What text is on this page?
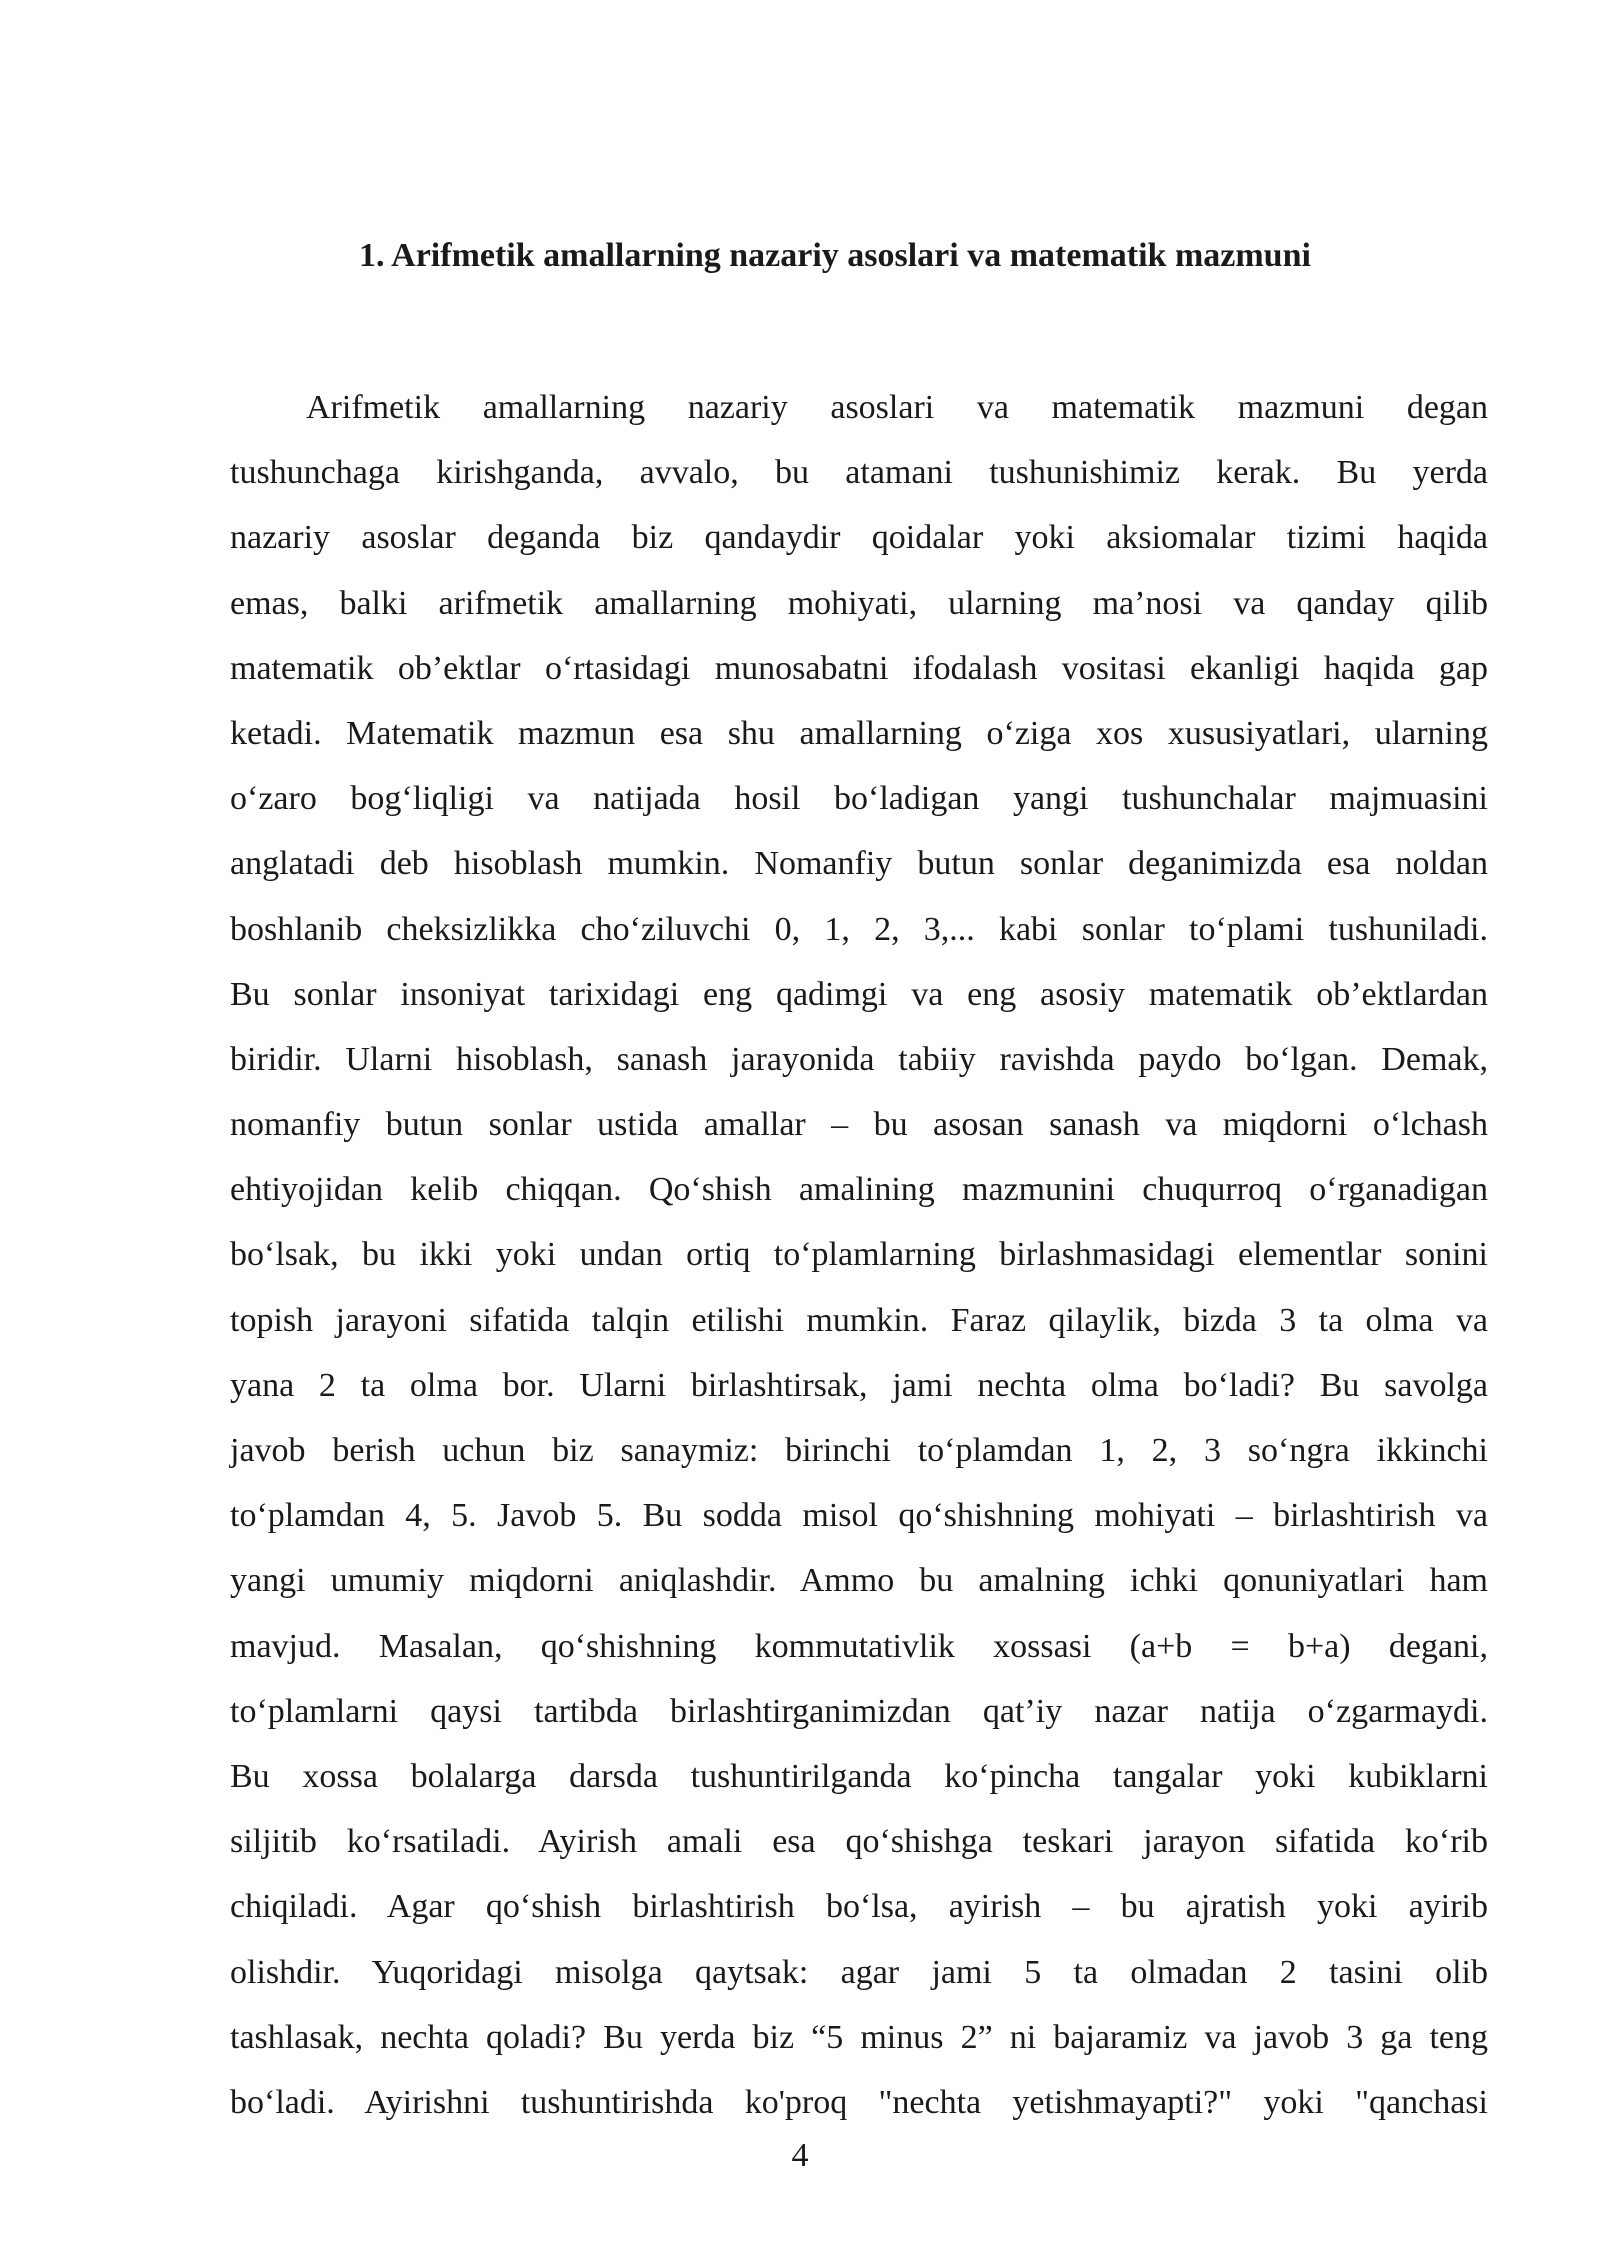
1. Arifmetik amallarning nazariy asoslari va matematik mazmuni
Arifmetik amallarning nazariy asoslari va matematik mazmuni degan
tushunchaga kirishganda, avvalo, bu atamani tushunishimiz kerak. Bu yerda
nazariy asoslar deganda biz qandaydir qoidalar yoki aksiomalar tizimi haqida
emas, balki arifmetik amallarning mohiyati, ularning ma’nosi va qanday qilib
matematik ob’ektlar o‘rtasidagi munosabatni ifodalash vositasi ekanligi haqida gap
ketadi. Matematik mazmun esa shu amallarning o‘ziga xos xususiyatlari, ularning
o‘zaro bog‘liqligi va natijada hosil bo‘ladigan yangi tushunchalar majmuasini
anglatadi deb hisoblash mumkin. Nomanfiy butun sonlar deganimizda esa noldan
boshlanib cheksizlikka cho‘ziluvchi 0, 1, 2, 3,... kabi sonlar to‘plami tushuniladi.
Bu sonlar insoniyat tarixidagi eng qadimgi va eng asosiy matematik ob’ektlardan
biridir. Ularni hisoblash, sanash jarayonida tabiiy ravishda paydo bo‘lgan. Demak,
nomanfiy butun sonlar ustida amallar – bu asosan sanash va miqdorni o‘lchash
ehtiyojidan kelib chiqqan. Qo‘shish amalining mazmunini chuqurroq o‘rganadigan
bo‘lsak, bu ikki yoki undan ortiq to‘plamlarning birlashmasidagi elementlar sonini
topish jarayoni sifatida talqin etilishi mumkin. Faraz qilaylik, bizda 3 ta olma va
yana 2 ta olma bor. Ularni birlashtirsak, jami nechta olma bo‘ladi? Bu savolga
javob berish uchun biz sanaymiz: birinchi to‘plamdan 1, 2, 3 so‘ngra ikkinchi
to‘plamdan 4, 5. Javob 5. Bu sodda misol qo‘shishning mohiyati – birlashtirish va
yangi umumiy miqdorni aniqlashdir. Ammo bu amalning ichki qonuniyatlari ham
mavjud. Masalan, qo‘shishning kommutativlik xossasi (a+b = b+a) degani,
to‘plamlarni qaysi tartibda birlashtirganimizdan qat’iy nazar natija o‘zgarmaydi.
Bu xossa bolalarga darsda tushuntirilganda ko‘pincha tangalar yoki kubiklarni
siljitib ko‘rsatiladi. Ayirish amali esa qo‘shishga teskari jarayon sifatida ko‘rib
chiqiladi. Agar qo‘shish birlashtirish bo‘lsa, ayirish – bu ajratish yoki ayirib
olishdir. Yuqoridagi misolga qaytsak: agar jami 5 ta olmadan 2 tasini olib
tashlasak, nechta qoladi? Bu yerda biz “5 minus 2” ni bajaramiz va javob 3 ga teng
bo‘ladi. Ayirishni tushuntirishda ko'proq "nechta yetishmayapti?" yoki "qanchasi
4
